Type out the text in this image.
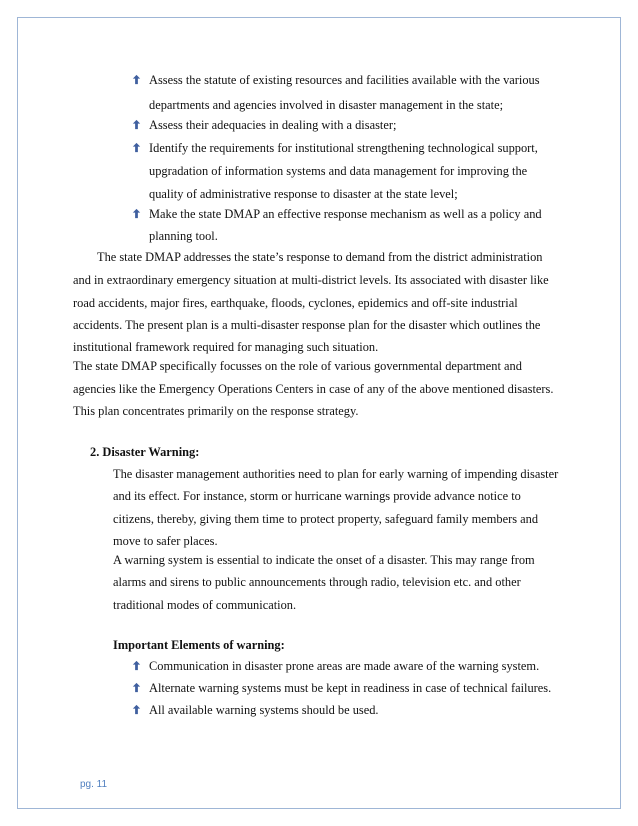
Assess the statute of existing resources and facilities available with the various
departments and agencies involved in disaster management in the state;
Assess their adequacies in dealing with a disaster;
Identify the requirements for institutional strengthening technological support,
upgradation of information systems and data management for improving the
quality of administrative response to disaster at the state level;
Make the state DMAP an effective response mechanism as well as a policy and
planning tool.
The state DMAP addresses the state’s response to demand from the district administration
and in extraordinary emergency situation at multi-district levels. Its associated with disaster like
road accidents, major fires, earthquake, floods, cyclones, epidemics and off-site industrial
accidents. The present plan is a multi-disaster response plan for the disaster which outlines the
institutional framework required for managing such situation.
The state DMAP specifically focusses on the role of various governmental department and
agencies like the Emergency Operations Centers in case of any of the above mentioned disasters.
This plan concentrates primarily on the response strategy.
2. Disaster Warning:
The disaster management authorities need to plan for early warning of impending disaster
and its effect. For instance, storm or hurricane warnings provide advance notice to
citizens, thereby, giving them time to protect property, safeguard family members and
move to safer places.
A warning system is essential to indicate the onset of a disaster. This may range from
alarms and sirens to public announcements through radio, television etc. and other
traditional modes of communication.
Important Elements of warning:
Communication in disaster prone areas are made aware of the warning system.
Alternate warning systems must be kept in readiness in case of technical failures.
All available warning systems should be used.
pg. 11
